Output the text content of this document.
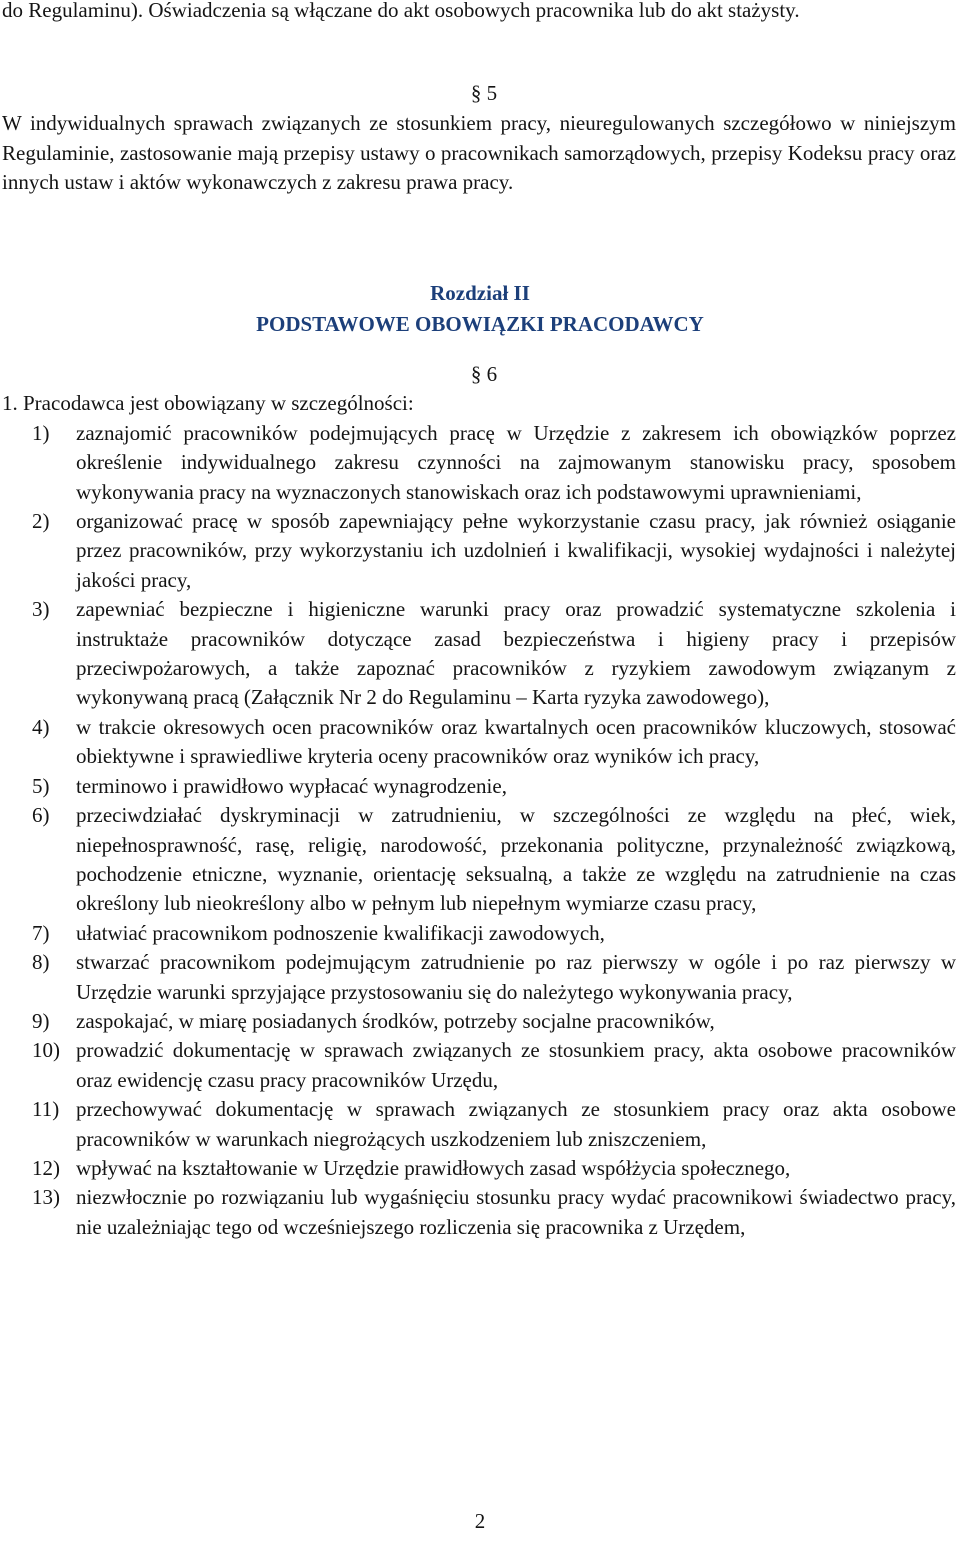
do Regulaminu). Oświadczenia są włączane do akt osobowych pracownika lub do akt stażysty.

§ 5

W indywidualnych sprawach związanych ze stosunkiem pracy, nieuregulowanych szczegółowo w niniejszym Regulaminie, zastosowanie mają przepisy ustawy o pracownikach samorządowych, przepisy Kodeksu pracy oraz innych ustaw i aktów wykonawczych z zakresu prawa pracy.

Rozdział II

PODSTAWOWE OBOWIĄZKI PRACODAWCY

§ 6

1. Pracodawca jest obowiązany w szczególności:

1) zaznajomić pracowników podejmujących pracę w Urzędzie z zakresem ich obowiązków poprzez określenie indywidualnego zakresu czynności na zajmowanym stanowisku pracy, sposobem wykonywania pracy na wyznaczonych stanowiskach oraz ich podstawowymi uprawnieniami,
2) organizować pracę w sposób zapewniający pełne wykorzystanie czasu pracy, jak również osiąganie przez pracowników, przy wykorzystaniu ich uzdolnień i kwalifikacji, wysokiej wydajności i należytej jakości pracy,
3) zapewniać bezpieczne i higieniczne warunki pracy oraz prowadzić systematyczne szkolenia i instruktaże pracowników dotyczące zasad bezpieczeństwa i higieny pracy i przepisów przeciwpożarowych, a także zapoznać pracowników z ryzykiem zawodowym związanym z wykonywaną pracą (Załącznik Nr 2 do Regulaminu – Karta ryzyka zawodowego),
4) w trakcie okresowych ocen pracowników oraz kwartalnych ocen pracowników kluczowych, stosować obiektywne i sprawiedliwe kryteria oceny pracowników oraz wyników ich pracy,
5) terminowo i prawidłowo wypłacać wynagrodzenie,
6) przeciwdziałać dyskryminacji w zatrudnieniu, w szczególności ze względu na płeć, wiek, niepełnosprawność, rasę, religię, narodowość, przekonania polityczne, przynależność związkową, pochodzenie etniczne, wyznanie, orientację seksualną, a także ze względu na zatrudnienie na czas określony lub nieokreślony albo w pełnym lub niepełnym wymiarze czasu pracy,
7) ułatwiać pracownikom podnoszenie kwalifikacji zawodowych,
8) stwarzać pracownikom podejmującym zatrudnienie po raz pierwszy w ogóle i po raz pierwszy w Urzędzie warunki sprzyjające przystosowaniu się do należytego wykonywania pracy,
9) zaspokajać, w miarę posiadanych środków, potrzeby socjalne pracowników,
10) prowadzić dokumentację w sprawach związanych ze stosunkiem pracy, akta osobowe pracowników oraz ewidencję czasu pracy pracowników Urzędu,
11) przechowywać dokumentację w sprawach związanych ze stosunkiem pracy oraz akta osobowe pracowników w warunkach niegrożących uszkodzeniem lub zniszczeniem,
12) wpływać na kształtowanie w Urzędzie prawidłowych zasad współżycia społecznego,
13) niezwłocznie po rozwiązaniu lub wygaśnięciu stosunku pracy wydać pracownikowi świadectwo pracy, nie uzależniając tego od wcześniejszego rozliczenia się pracownika z Urzędem,

2
